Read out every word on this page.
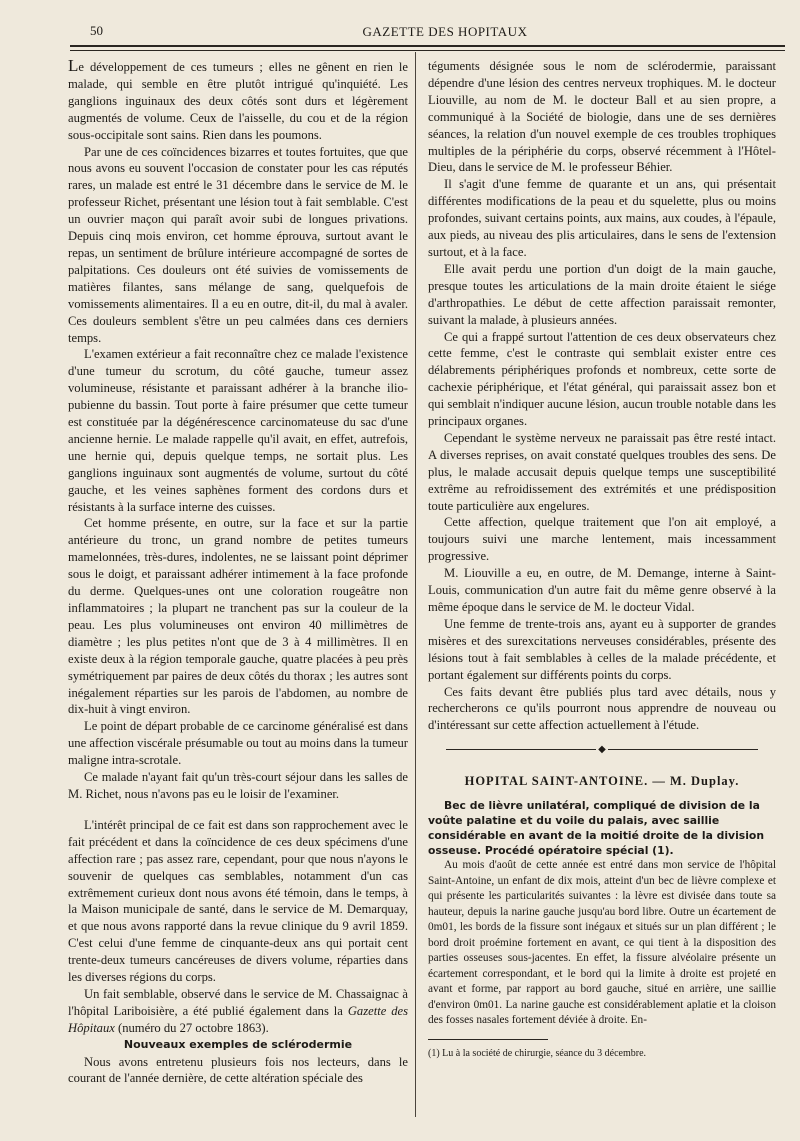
50	GAZETTE DES HOPITAUX

Le développement de ces tumeurs ; elles ne gênent en rien le malade, qui semble en être plutôt intrigué qu'inquiété. Les ganglions inguinaux des deux côtés sont durs et légèrement augmentés de volume. Ceux de l'aisselle, du cou et de la région sous-occipitale sont sains. Rien dans les poumons.

Par une de ces coïncidences bizarres et toutes fortuites, que que nous avons eu souvent l'occasion de constater pour les cas réputés rares, un malade est entré le 31 décembre dans le service de M. le professeur Richet, présentant une lésion tout à fait semblable. C'est un ouvrier maçon qui paraît avoir subi de longues privations. Depuis cinq mois environ, cet homme éprouva, surtout avant le repas, un sentiment de brûlure intérieure accompagné de sortes de palpitations. Ces douleurs ont été suivies de vomissements de matières filantes, sans mélange de sang, quelquefois de vomissements alimentaires. Il a eu en outre, dit-il, du mal à avaler. Ces douleurs semblent s'être un peu calmées dans ces derniers temps.

L'examen extérieur a fait reconnaître chez ce malade l'existence d'une tumeur du scrotum, du côté gauche, tumeur assez volumineuse, résistante et paraissant adhérer à la branche ilio-pubienne du bassin. Tout porte à faire présumer que cette tumeur est constituée par la dégénérescence carcinomateuse du sac d'une ancienne hernie. Le malade rappelle qu'il avait, en effet, autrefois, une hernie qui, depuis quelque temps, ne sortait plus. Les ganglions inguinaux sont augmentés de volume, surtout du côté gauche, et les veines saphènes forment des cordons durs et résistants à la surface interne des cuisses.

Cet homme présente, en outre, sur la face et sur la partie antérieure du tronc, un grand nombre de petites tumeurs mamelonnées, très-dures, indolentes, ne se laissant point déprimer sous le doigt, et paraissant adhérer intimement à la face profonde du derme. Quelques-unes ont une coloration rougeâtre non inflammatoires ; la plupart ne tranchent pas sur la couleur de la peau. Les plus volumineuses ont environ 40 millimètres de diamètre ; les plus petites n'ont que de 3 à 4 millimètres. Il en existe deux à la région temporale gauche, quatre placées à peu près symétriquement par paires de deux côtés du thorax ; les autres sont inégalement réparties sur les parois de l'abdomen, au nombre de dix-huit à vingt environ.

Le point de départ probable de ce carcinome généralisé est dans une affection viscérale présumable ou tout au moins dans la tumeur maligne intra-scrotale.

Ce malade n'ayant fait qu'un très-court séjour dans les salles de M. Richet, nous n'avons pas eu le loisir de l'examiner.

L'intérêt principal de ce fait est dans son rapprochement avec le fait précédent et dans la coïncidence de ces deux spécimens d'une affection rare ; pas assez rare, cependant, pour que nous n'ayons le souvenir de quelques cas semblables, notamment d'un cas extrêmement curieux dont nous avons été témoin, dans le temps, à la Maison municipale de santé, dans le service de M. Demarquay, et que nous avons rapporté dans la revue clinique du 9 avril 1859. C'est celui d'une femme de cinquante-deux ans qui portait cent trente-deux tumeurs cancéreuses de divers volume, réparties dans les diverses régions du corps.

Un fait semblable, observé dans le service de M. Chassaignac à l'hôpital Lariboisière, a été publié également dans la Gazette des Hôpitaux (numéro du 27 octobre 1863).

Nouveaux exemples de sclérodermie

Nous avons entretenu plusieurs fois nos lecteurs, dans le courant de l'année dernière, de cette altération spéciale des

téguments désignée sous le nom de sclérodermie, paraissant dépendre d'une lésion des centres nerveux trophiques. M. le docteur Liouville, au nom de M. le docteur Ball et au sien propre, a communiqué à la Société de biologie, dans une de ses dernières séances, la relation d'un nouvel exemple de ces troubles trophiques multiples de la périphérie du corps, observé récemment à l'Hôtel-Dieu, dans le service de M. le professeur Béhier.

Il s'agit d'une femme de quarante et un ans, qui présentait différentes modifications de la peau et du squelette, plus ou moins profondes, suivant certains points, aux mains, aux coudes, à l'épaule, aux pieds, au niveau des plis articulaires, dans le sens de l'extension surtout, et à la face.

Elle avait perdu une portion d'un doigt de la main gauche, presque toutes les articulations de la main droite étaient le siége d'arthropathies. Le début de cette affection paraissait remonter, suivant la malade, à plusieurs années.

Ce qui a frappé surtout l'attention de ces deux observateurs chez cette femme, c'est le contraste qui semblait exister entre ces délabrements périphériques profonds et nombreux, cette sorte de cachexie périphérique, et l'état général, qui paraissait assez bon et qui semblait n'indiquer aucune lésion, aucun trouble notable dans les principaux organes.

Cependant le système nerveux ne paraissait pas être resté intact. A diverses reprises, on avait constaté quelques troubles des sens. De plus, le malade accusait depuis quelque temps une susceptibilité extrême au refroidissement des extrémités et une prédisposition toute particulière aux engelures.

Cette affection, quelque traitement que l'on ait employé, a toujours suivi une marche lentement, mais incessamment progressive.

M. Liouville a eu, en outre, de M. Demange, interne à Saint-Louis, communication d'un autre fait du même genre observé à la même époque dans le service de M. le docteur Vidal.

Une femme de trente-trois ans, ayant eu à supporter de grandes misères et des surexcitations nerveuses considérables, présente des lésions tout à fait semblables à celles de la malade précédente, et portant également sur différents points du corps.

Ces faits devant être publiés plus tard avec détails, nous y rechercherons ce qu'ils pourront nous apprendre de nouveau ou d'intéressant sur cette affection actuellement à l'étude.

◆
HOPITAL SAINT-ANTOINE. — M. Duplay.

Bec de lièvre unilatéral, compliqué de division de la voûte palatine et du voile du palais, avec saillie considérable en avant de la moitié droite de la division osseuse. Procédé opératoire spécial (1).

Au mois d'août de cette année est entré dans mon service de l'hôpital Saint-Antoine, un enfant de dix mois, atteint d'un bec de lièvre complexe et qui présente les particularités suivantes : la lèvre est divisée dans toute sa hauteur, depuis la narine gauche jusqu'au bord libre. Outre un écartement de 0m01, les bords de la fissure sont inégaux et situés sur un plan différent ; le bord droit proémine fortement en avant, ce qui tient à la disposition des parties osseuses sous-jacentes. En effet, la fissure alvéolaire présente un écartement correspondant, et le bord qui la limite à droite est projeté en avant et forme, par rapport au bord gauche, situé en arrière, une saillie d'environ 0m01. La narine gauche est considérablement aplatie et la cloison des fosses nasales fortement déviée à droite. En-

(1) Lu à la société de chirurgie, séance du 3 décembre.
